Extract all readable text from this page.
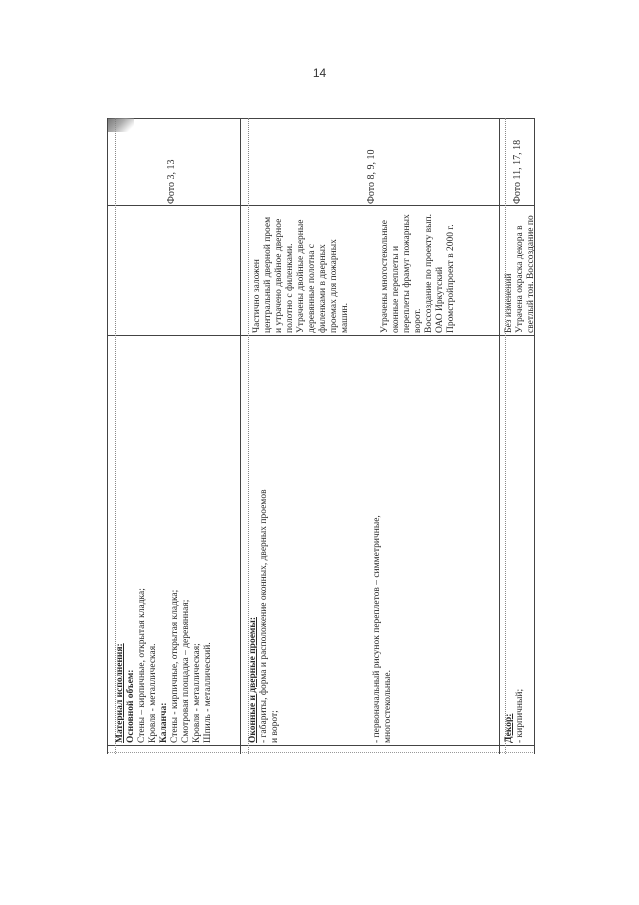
14
Материал исполнения: Основной объем: Стены – кирпичные, открытая кладка; Кровля - металлическая. Каланча: Стены - кирпичные, открытая кладка; Смотровая площадка – деревянная; Кровля - металлическая; Шпиль - металлический.
Фото 3, 13
Оконные и дверные проемы: - габариты, форма и расположение оконных, дверных проемов и ворот;	- первоначальный рисунок переплетов – симметричные, многостекольные.
Частично заложен центральный дверной проем и утрачено двойное дверное полотно с филенками. Утрачены двойные дверные деревянные полотна с филенками в дверных проемах для пожарных машин.	Утрачены многостекольные оконные переплеты и переплеты фрамуг пожарных ворот. Воссоздание по проекту вып. ОАО Иркутский Промстройпроект в 2000 г.
Фото 8, 9, 10
Декор: - кирпичный;
Без изменений Утрачена окраска декора в светлый тон. Воссоздание по
Фото 11, 17, 18
